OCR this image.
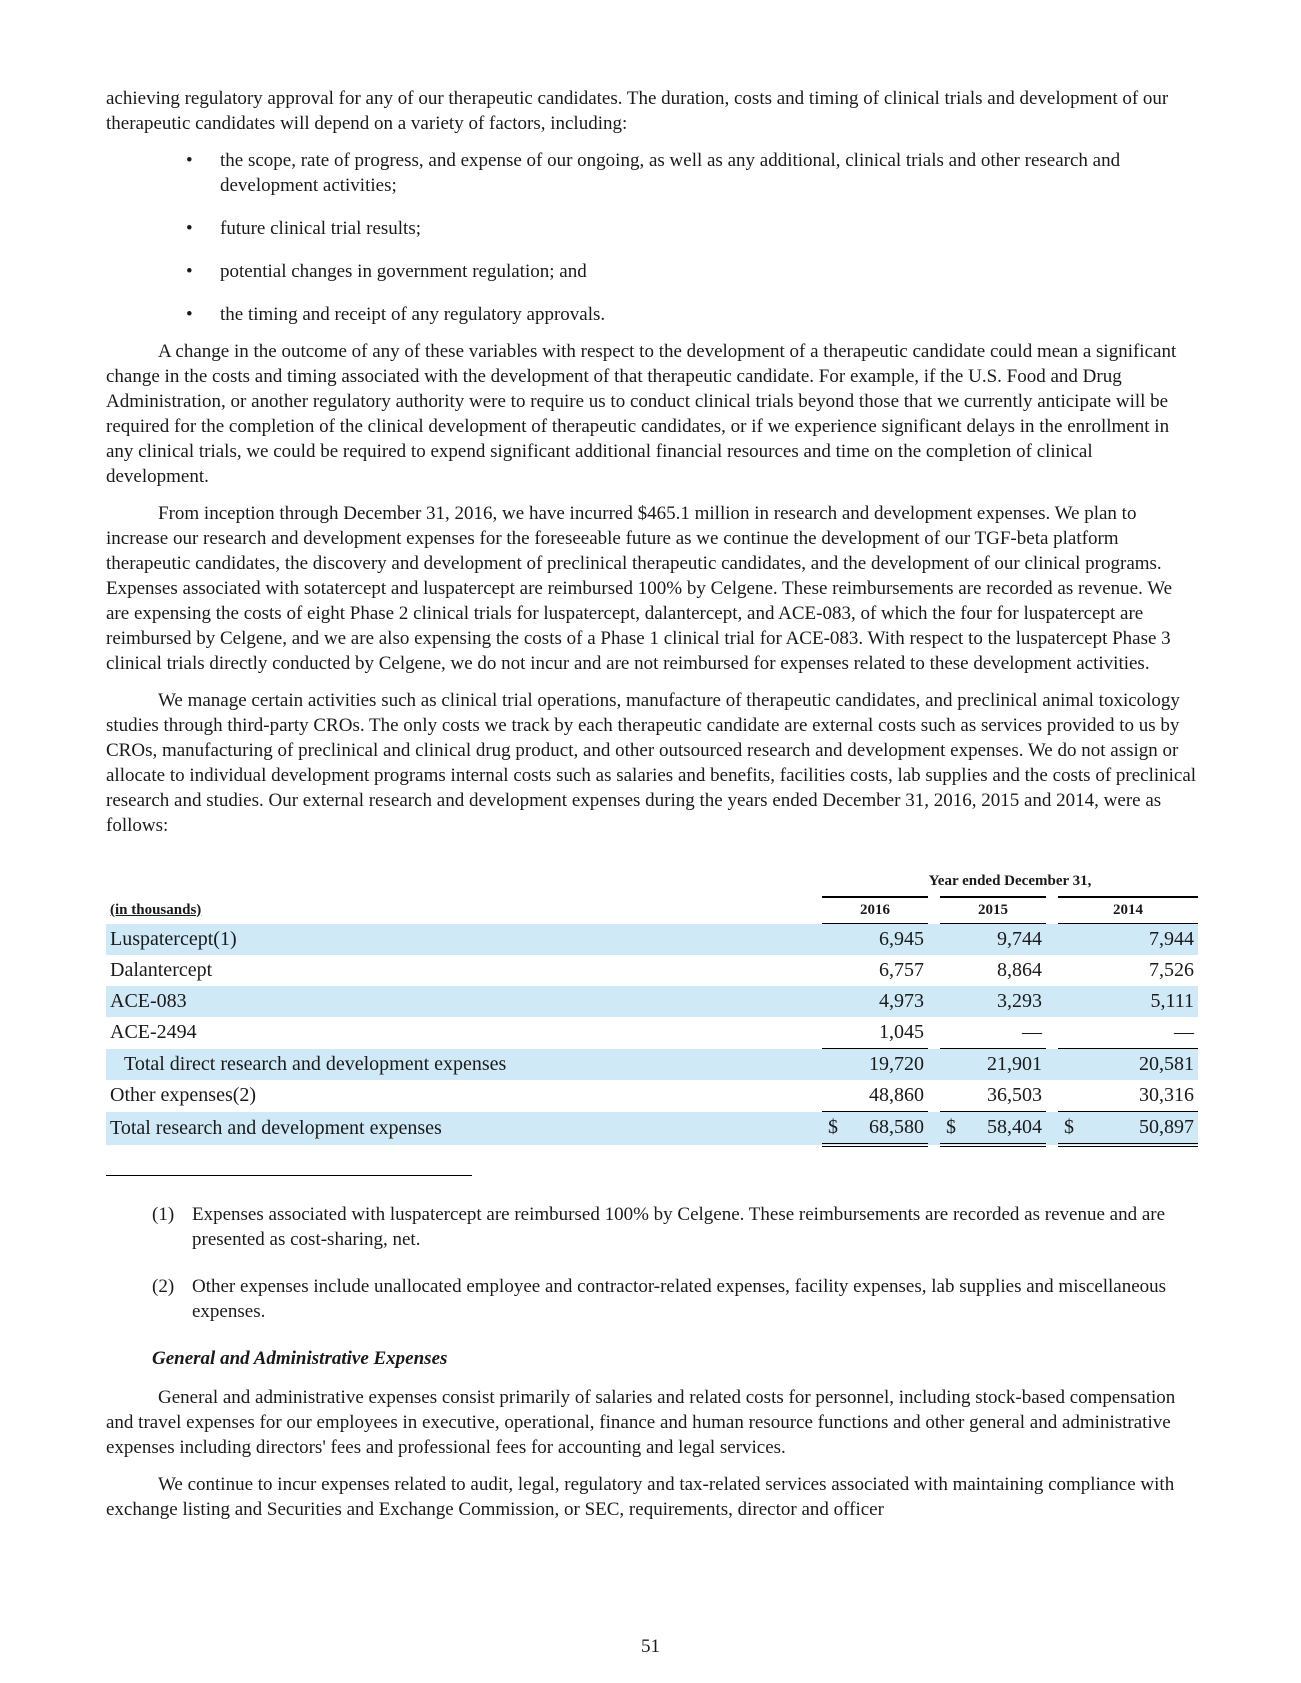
achieving regulatory approval for any of our therapeutic candidates. The duration, costs and timing of clinical trials and development of our therapeutic candidates will depend on a variety of factors, including:

• the scope, rate of progress, and expense of our ongoing, as well as any additional, clinical trials and other research and development activities;
• future clinical trial results;
• potential changes in government regulation; and
• the timing and receipt of any regulatory approvals.

A change in the outcome of any of these variables with respect to the development of a therapeutic candidate could mean a significant change in the costs and timing associated with the development of that therapeutic candidate. For example, if the U.S. Food and Drug Administration, or another regulatory authority were to require us to conduct clinical trials beyond those that we currently anticipate will be required for the completion of the clinical development of therapeutic candidates, or if we experience significant delays in the enrollment in any clinical trials, we could be required to expend significant additional financial resources and time on the completion of clinical development.

From inception through December 31, 2016, we have incurred $465.1 million in research and development expenses. We plan to increase our research and development expenses for the foreseeable future as we continue the development of our TGF-beta platform therapeutic candidates, the discovery and development of preclinical therapeutic candidates, and the development of our clinical programs. Expenses associated with sotatercept and luspatercept are reimbursed 100% by Celgene. These reimbursements are recorded as revenue. We are expensing the costs of eight Phase 2 clinical trials for luspatercept, dalantercept, and ACE-083, of which the four for luspatercept are reimbursed by Celgene, and we are also expensing the costs of a Phase 1 clinical trial for ACE-083. With respect to the luspatercept Phase 3 clinical trials directly conducted by Celgene, we do not incur and are not reimbursed for expenses related to these development activities.

We manage certain activities such as clinical trial operations, manufacture of therapeutic candidates, and preclinical animal toxicology studies through third-party CROs. The only costs we track by each therapeutic candidate are external costs such as services provided to us by CROs, manufacturing of preclinical and clinical drug product, and other outsourced research and development expenses. We do not assign or allocate to individual development programs internal costs such as salaries and benefits, facilities costs, lab supplies and the costs of preclinical research and studies. Our external research and development expenses during the years ended December 31, 2016, 2015 and 2014, were as follows:

	Year ended December 31,							
(in thousands)	2016			2015			2014	
Luspatercept(1)	6,945			9,744			7,944	

Dalantercept	6,757			8,864			7,526	

ACE-083	4,973			3,293			5,111	

ACE-2494	1,045			—			—	

Total direct research and development expenses	19,720			21,901			20,581	

Other expenses(2)	48,860			36,503			30,316	

Total research and development expenses	$	68,580		$	58,404		$	50,897
(1) Expenses associated with luspatercept are reimbursed 100% by Celgene. These reimbursements are recorded as revenue and are presented as cost-sharing, net.
(2) Other expenses include unallocated employee and contractor-related expenses, facility expenses, lab supplies and miscellaneous expenses.

General and Administrative Expenses

General and administrative expenses consist primarily of salaries and related costs for personnel, including stock-based compensation and travel expenses for our employees in executive, operational, finance and human resource functions and other general and administrative expenses including directors' fees and professional fees for accounting and legal services.

We continue to incur expenses related to audit, legal, regulatory and tax-related services associated with maintaining compliance with exchange listing and Securities and Exchange Commission, or SEC, requirements, director and officer

51
